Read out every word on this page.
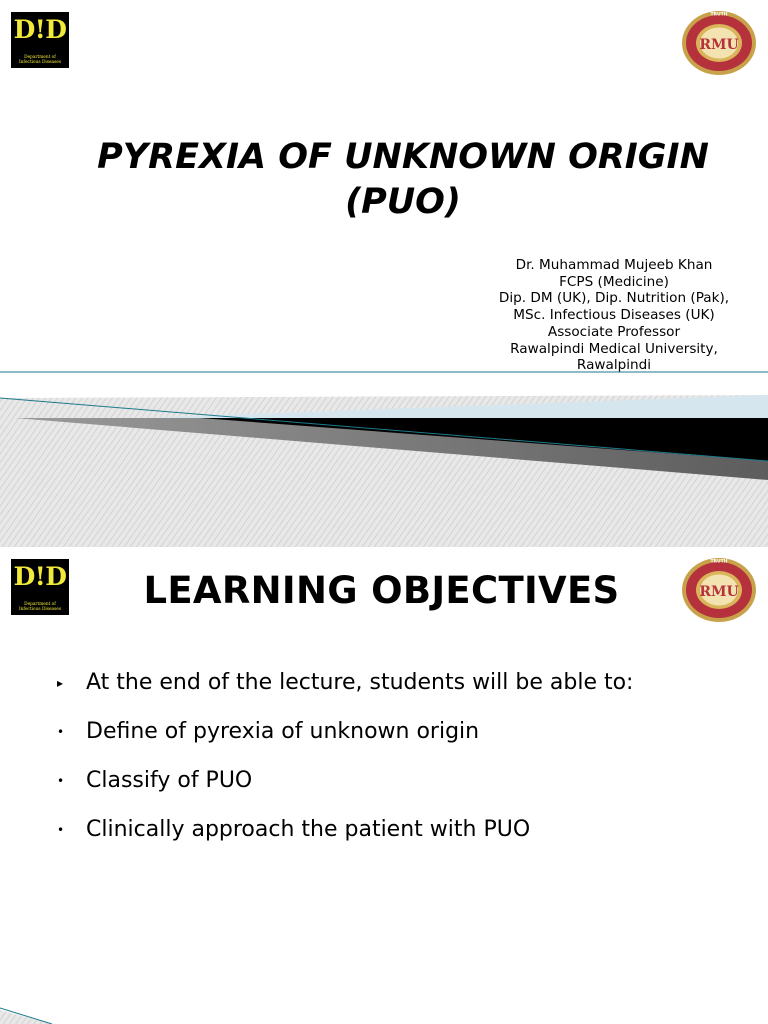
D!D
Department of Infectious Diseases
TRUTH
RMU
PYREXIA OF UNKNOWN ORIGIN
(PUO)
Dr. Muhammad Mujeeb Khan
FCPS (Medicine)
Dip. DM (UK), Dip. Nutrition (Pak),
MSc. Infectious Diseases (UK)
Associate Professor
Rawalpindi Medical University, Rawalpindi
D!D
Department of Infectious Diseases
TRUTH
RMU
LEARNING OBJECTIVES
▸ At the end of the lecture, students will be able to:
• Define of pyrexia of unknown origin
• Classify of PUO
• Clinically approach the patient with PUO
